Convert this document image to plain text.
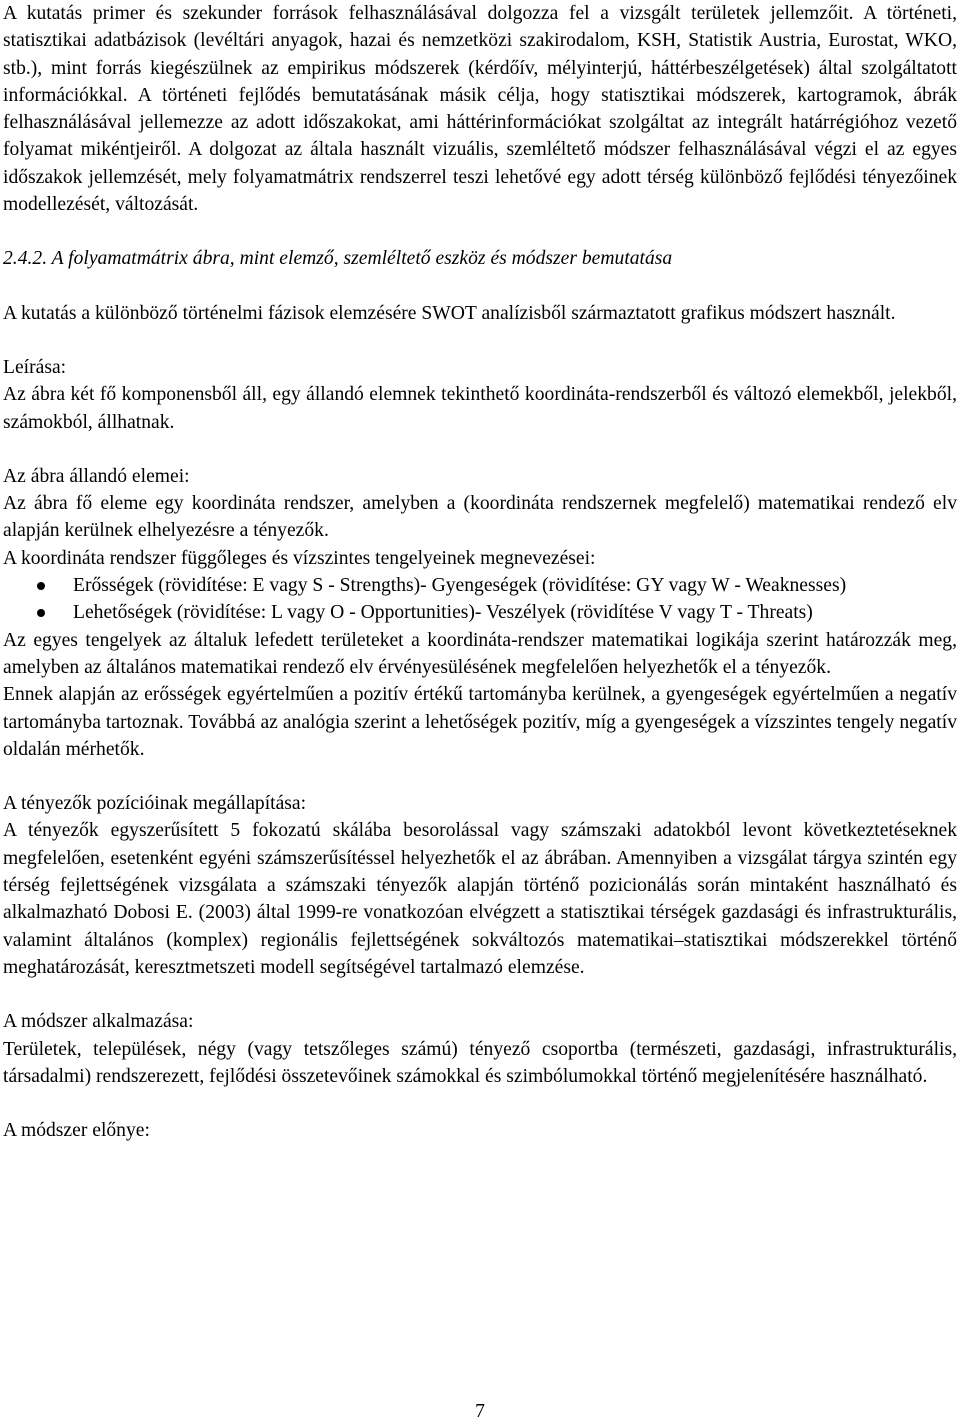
A kutatás primer és szekunder források felhasználásával dolgozza fel a vizsgált területek jellemzőit. A történeti, statisztikai adatbázisok (levéltári anyagok, hazai és nemzetközi szakirodalom, KSH, Statistik Austria, Eurostat, WKO, stb.), mint forrás kiegészülnek az empirikus módszerek (kérdőív, mélyinterjú, háttérbeszélgetések) által szolgáltatott információkkal. A történeti fejlődés bemutatásának másik célja, hogy statisztikai módszerek, kartogramok, ábrák felhasználásával jellemezze az adott időszakokat, ami háttérinformációkat szolgáltat az integrált határrégióhoz vezető folyamat mikéntjeiről. A dolgozat az általa használt vizuális, szemléltető módszer felhasználásával végzi el az egyes időszakok jellemzését, mely folyamatmátrix rendszerrel teszi lehetővé egy adott térség különböző fejlődési tényezőinek modellezését, változását.

2.4.2. A folyamatmátrix ábra, mint elemző, szemléltető eszköz és módszer bemutatása

A kutatás a különböző történelmi fázisok elemzésére SWOT analízisből származtatott grafikus módszert használt.

Leírása:

Az ábra két fő komponensből áll, egy állandó elemnek tekinthető koordináta-rendszerből és változó elemekből, jelekből, számokból, állhatnak.

Az ábra állandó elemei:

Az ábra fő eleme egy koordináta rendszer, amelyben a (koordináta rendszernek megfelelő) matematikai rendező elv alapján kerülnek elhelyezésre a tényezők.

A koordináta rendszer függőleges és vízszintes tengelyeinek megnevezései:

Erősségek (rövidítése: E vagy S - Strengths)- Gyengeségek (rövidítése: GY vagy W - Weaknesses)
Lehetőségek (rövidítése: L vagy O - Opportunities)- Veszélyek (rövidítése V vagy T - Threats)

Az egyes tengelyek az általuk lefedett területeket a koordináta-rendszer matematikai logikája szerint határozzák meg, amelyben az általános matematikai rendező elv érvényesülésének megfelelően helyezhetők el a tényezők.

Ennek alapján az erősségek egyértelműen a pozitív értékű tartományba kerülnek, a gyengeségek egyértelműen a negatív tartományba tartoznak. Továbbá az analógia szerint a lehetőségek pozitív, míg a gyengeségek a vízszintes tengely negatív oldalán mérhetők.

A tényezők pozícióinak megállapítása:

A tényezők egyszerűsített 5 fokozatú skálába besorolással vagy számszaki adatokból levont következtetéseknek megfelelően, esetenként egyéni számszerűsítéssel helyezhetők el az ábrában. Amennyiben a vizsgálat tárgya szintén egy térség fejlettségének vizsgálata a számszaki tényezők alapján történő pozicionálás során mintaként használható és alkalmazható Dobosi E. (2003) által 1999-re vonatkozóan elvégzett a statisztikai térségek gazdasági és infrastrukturális, valamint általános (komplex) regionális fejlettségének sokváltozós matematikai–statisztikai módszerekkel történő meghatározását, keresztmetszeti modell segítségével tartalmazó elemzése.

A módszer alkalmazása:

Területek, települések, négy (vagy tetszőleges számú) tényező csoportba (természeti, gazdasági, infrastrukturális, társadalmi) rendszerezett, fejlődési összetevőinek számokkal és szimbólumokkal történő megjelenítésére használható.

A módszer előnye:

7
